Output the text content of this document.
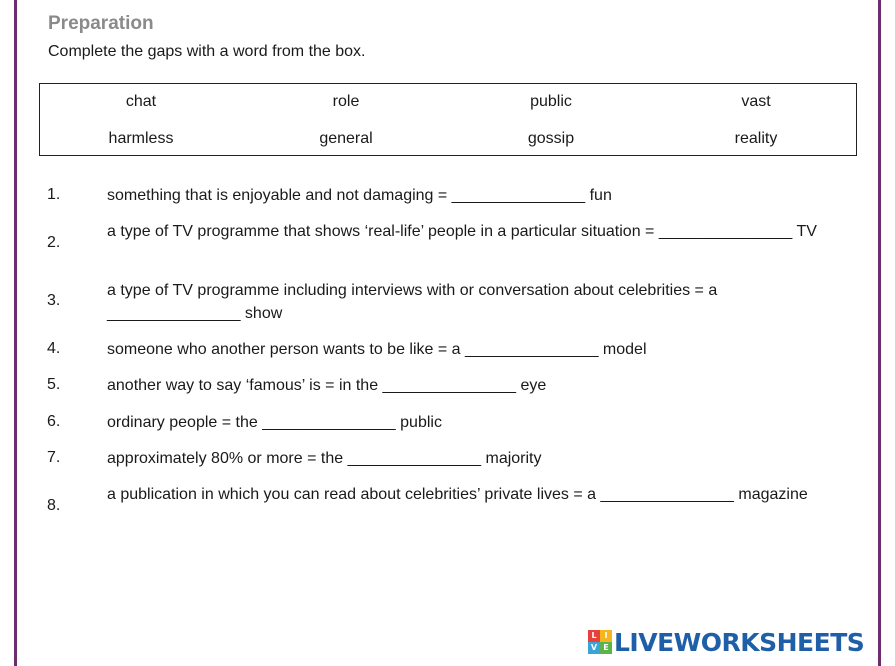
Preparation
Complete the gaps with a word from the box.
chat	role	public	vast
harmless	general	gossip	reality
1.	something that is enjoyable and not damaging = _______________ fun
2.
a type of TV programme that shows ‘real-life’ people in a particular situation = _______________ TV
3.
a type of TV programme including interviews with or conversation about celebrities = a _______________ show
4.	someone who another person wants to be like = a _______________ model
5.	another way to say ‘famous’ is = in the _______________ eye
6.	ordinary people = the _______________ public
7.	approximately 80% or more = the _______________ majority
8.
a publication in which you can read about celebrities’ private lives = a _______________ magazine
L I
V E LIVEWORKSHEETS
